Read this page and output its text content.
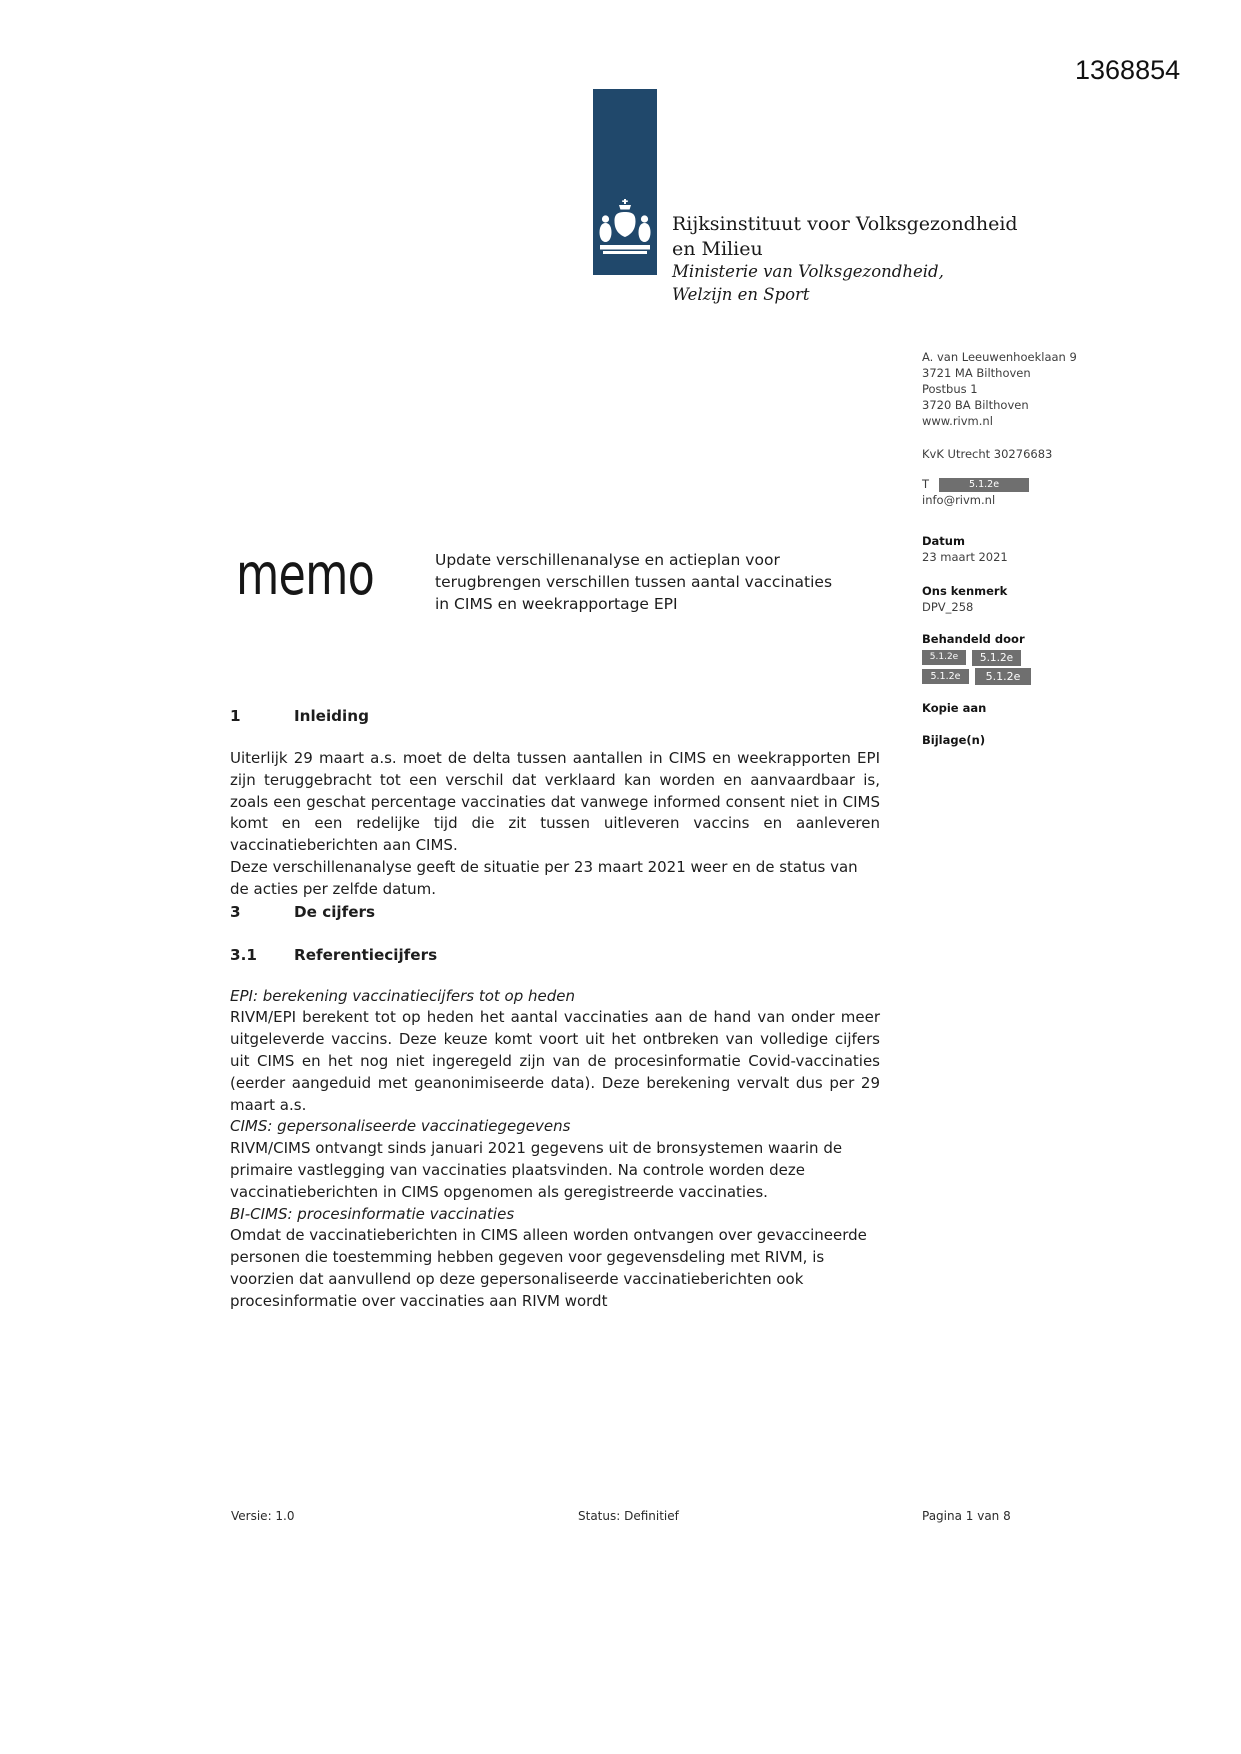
1368854
Rijksinstituut voor Volksgezondheid
en Milieu
Ministerie van Volksgezondheid,
Welzijn en Sport
A. van Leeuwenhoeklaan 9
3721 MA Bilthoven
Postbus 1
3720 BA Bilthoven
www.rivm.nl
KvK Utrecht 30276683
T	5.1.2e
info@rivm.nl
Datum
23 maart 2021
Ons kenmerk
DPV_258
Behandeld door
5.1.2e 5.1.2e
5.1.2e 5.1.2e
Kopie aan
Bijlage(n)
memo	Update verschillenanalyse en actieplan voor
terugbrengen verschillen tussen aantal vaccinaties
in CIMS en weekrapportage EPI
1	Inleiding

Uiterlijk 29 maart a.s. moet de delta tussen aantallen in CIMS en weekrapporten EPI zijn teruggebracht tot een verschil dat verklaard kan worden en aanvaardbaar is, zoals een geschat percentage vaccinaties dat vanwege informed consent niet in CIMS komt en een redelijke tijd die zit tussen uitleveren vaccins en aanleveren vaccinatieberichten aan CIMS.

Deze verschillenanalyse geeft de situatie per 23 maart 2021 weer en de status van de acties per zelfde datum.

3	De cijfers
3.1	Referentiecijfers
EPI: berekening vaccinatiecijfers tot op heden

RIVM/EPI berekent tot op heden het aantal vaccinaties aan de hand van onder meer uitgeleverde vaccins. Deze keuze komt voort uit het ontbreken van volledige cijfers uit CIMS en het nog niet ingeregeld zijn van de procesinformatie Covid-vaccinaties (eerder aangeduid met geanonimiseerde data). Deze berekening vervalt dus per 29 maart a.s.

CIMS: gepersonaliseerde vaccinatiegegevens

RIVM/CIMS ontvangt sinds januari 2021 gegevens uit de bronsystemen waarin de primaire vastlegging van vaccinaties plaatsvinden. Na controle worden deze vaccinatieberichten in CIMS opgenomen als geregistreerde vaccinaties.

BI-CIMS: procesinformatie vaccinaties

Omdat de vaccinatieberichten in CIMS alleen worden ontvangen over gevaccineerde personen die toestemming hebben gegeven voor gegevensdeling met RIVM, is voorzien dat aanvullend op deze gepersonaliseerde vaccinatieberichten ook procesinformatie over vaccinaties aan RIVM wordt

Versie: 1.0	Status: Definitief	Pagina 1 van 8
